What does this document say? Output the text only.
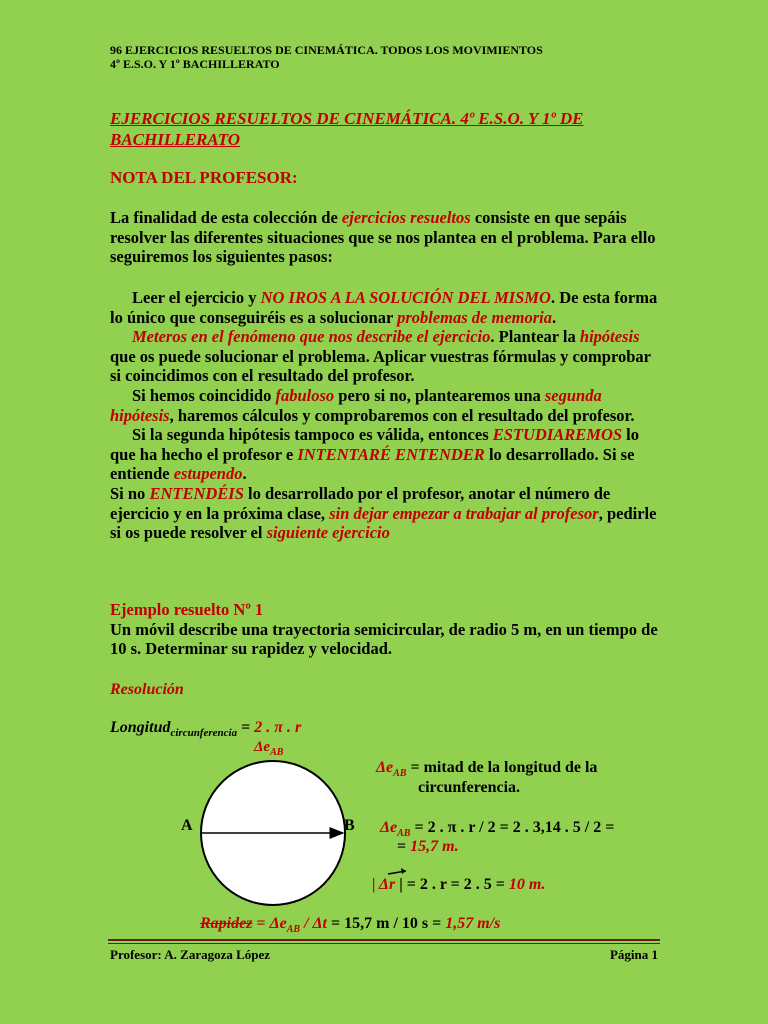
96 EJERCICIOS RESUELTOS DE CINEMÁTICA. TODOS LOS MOVIMIENTOS
4º E.S.O. Y 1º BACHILLERATO
EJERCICIOS RESUELTOS DE CINEMÁTICA. 4º E.S.O. Y 1º DE BACHILLERATO
NOTA DEL PROFESOR:

La finalidad de esta colección de ejercicios resueltos consiste en que sepáis resolver las diferentes situaciones que se nos plantea en el problema. Para ello seguiremos los siguientes pasos:

Leer el ejercicio y NO IROS A LA SOLUCIÓN DEL MISMO. De esta forma lo único que conseguiréis es a solucionar problemas de memoria.

Meteros en el fenómeno que nos describe el ejercicio. Plantear la hipótesis que os puede solucionar el problema. Aplicar vuestras fórmulas y comprobar si coincidimos con el resultado del profesor.

Si hemos coincidido fabuloso pero si no, plantearemos una segunda hipótesis, haremos cálculos y comprobaremos con el resultado del profesor.

Si la segunda hipótesis tampoco es válida, entonces ESTUDIAREMOS lo que ha hecho el profesor e INTENTARÉ ENTENDER lo desarrollado. Si se entiende estupendo.

Si no ENTENDÉIS lo desarrollado por el profesor, anotar el número de ejercicio y en la próxima clase, sin dejar empezar a trabajar al profesor, pedirle si os puede resolver el siguiente ejercicio

Ejemplo resuelto Nº 1

Un móvil describe una trayectoria semicircular, de radio 5 m, en un tiempo de 10 s. Determinar su rapidez y velocidad.

Resolución
Longitud$_{circunferencia}$ = 2 . π . r
$\Delta e_{AB}$
A	B
$\Delta e_{AB}$ = mitad de la longitud de la
circunferencia.
$\Delta e_{AB} = 2$ . π . r / 2 = 2 . 3,14 . 5 / 2 =
= 15,7 m.
| Δr
| = 2 . r = 2 . 5 = 10 m.
Rapidez = $\Delta e_{AB} / \Delta t = 15,7$ m / 10 s = 1,57 m/s
Profesor: A. Zaragoza López	Página 1
